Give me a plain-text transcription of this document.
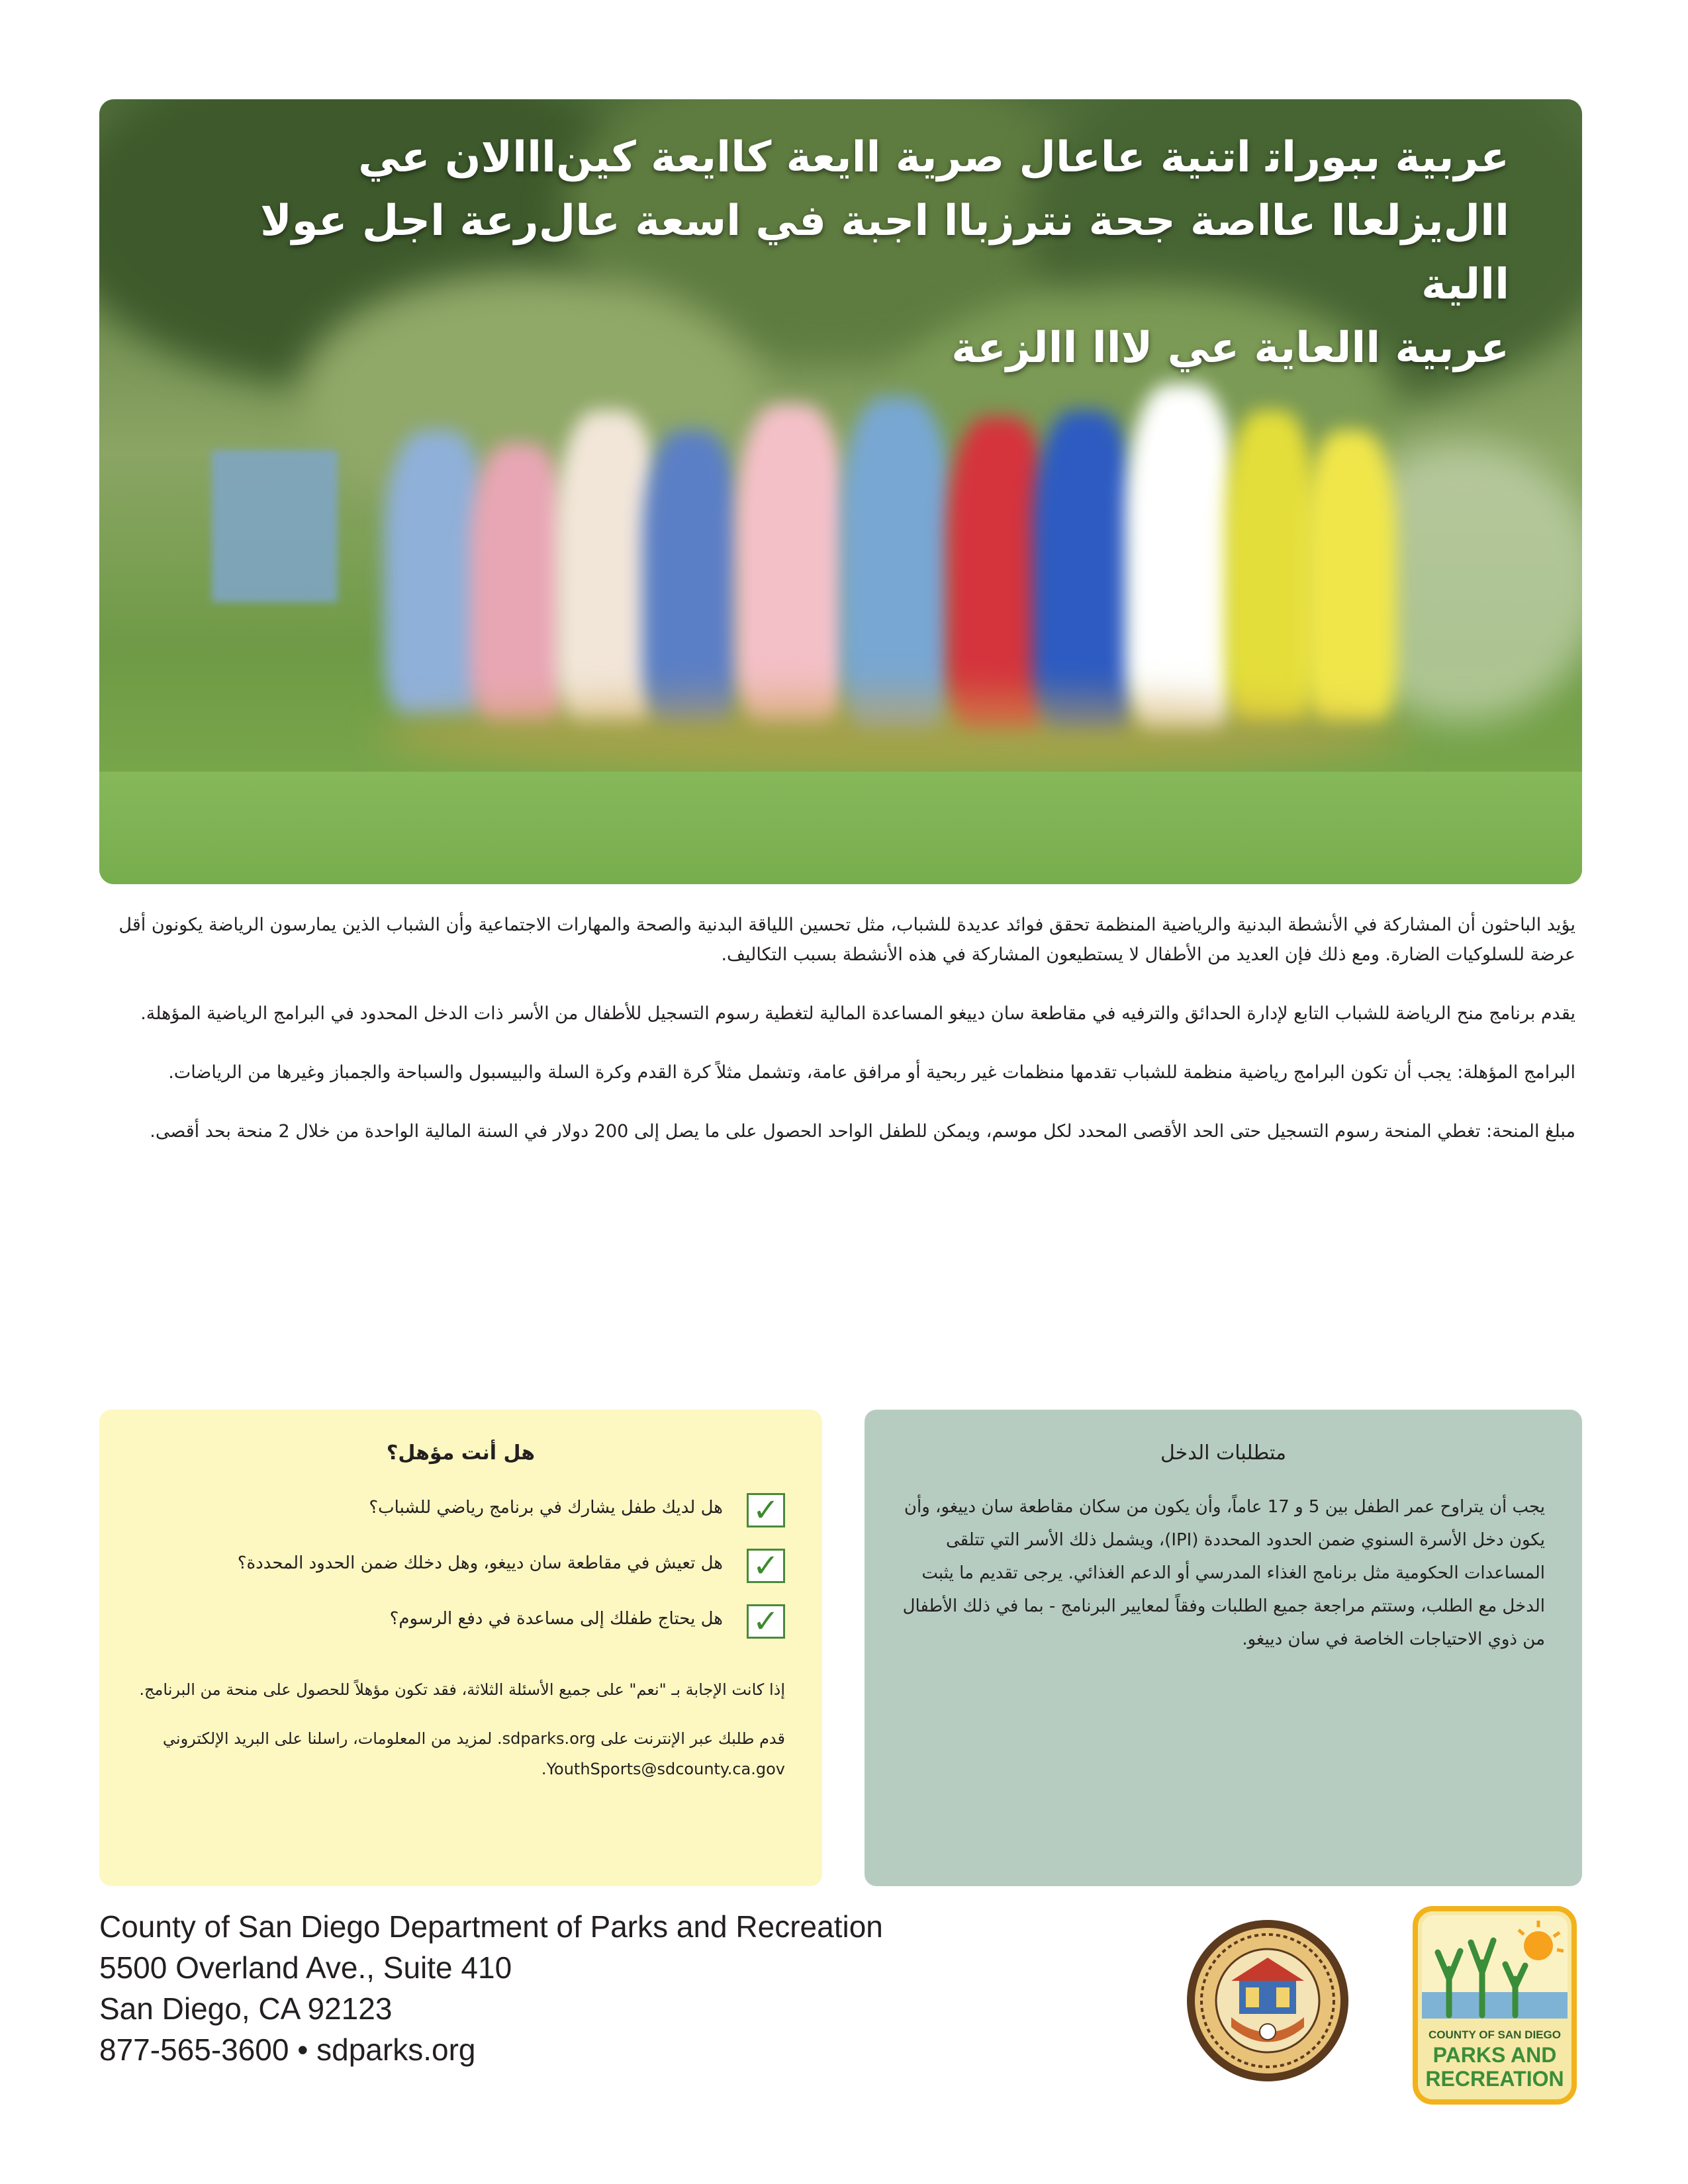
ﻋﺮﺑﻴﺔ ﺑﺒﻮﺭﺍﺗ ﺍﺗﻨﻴﺔ ﻋﺎﻋﺎﻝ ﺻﺮﻳﺔ ﺍﺍﻳﻌﺔ ﻛﺎﺍﻳﻌﺔ ﻛﻴﻦﺍﺍﺍﻻﻥ ﻋﻲ
ﺍﺍﻝﻳﺰﻟﻌﺎﺍ ﻋﺎﺍﺻﺔ ﺟﺤﺔ ﻧﺘﺮﺯﺑﺎﺍ ﺍﺟﺒﺔ ﻓﻲ ﺍﺳﻌﺔ ﻋﺎﻝﺭﻋﺔ ﺍﺟﻞ ﻋﻮﻟﺎ ﺍﺍﻟﻴﺔ
ﻋﺮﺑﻴﺔ ﺍﺍﻟﻌﺎﻳﺔ ﻋﻲ ﻻﺍﺍ ﺍﺍﻟﺰﻋﺔ

ﻳﺆﻳﺪ ﺍﻟﺒﺎﺣﺜﻮﻥ ﺃﻥ ﺍﻟﻤﺸﺎﺭﻛﺔ ﻓﻲ ﺍﻷﻧﺸﻄﺔ ﺍﻟﺒﺪﻧﻴﺔ ﻭﺍﻟﺮﻳﺎﺿﻴﺔ ﺍﻟﻤﻨﻈﻤﺔ ﺗﺤﻘﻖ ﻓﻮﺍﺋﺪ ﻋﺪﻳﺪﺓ ﻟﻠﺸﺒﺎﺏ، ﻣﺜﻞ ﺗﺤﺴﻴﻦ ﺍﻟﻠﻴﺎﻗﺔ ﺍﻟﺒﺪﻧﻴﺔ ﻭﺍﻟﺼﺤﺔ ﻭﺍﻟﻤﻬﺎﺭﺍﺕ ﺍﻻﺟﺘﻤﺎﻋﻴﺔ ﻭﺃﻥ ﺍﻟﺸﺒﺎﺏ ﺍﻟﺬﻳﻦ ﻳﻤﺎﺭﺳﻮﻥ ﺍﻟﺮﻳﺎﺿﺔ ﻳﻜﻮﻧﻮﻥ ﺃﻗﻞ ﻋﺮﺿﺔ ﻟﻠﺴﻠﻮﻛﻴﺎﺕ ﺍﻟﻀﺎﺭﺓ. ﻭﻣﻊ ﺫﻟﻚ ﻓﺈﻥ ﺍﻟﻌﺪﻳﺪ ﻣﻦ ﺍﻷﻃﻔﺎﻝ ﻻ ﻳﺴﺘﻄﻴﻌﻮﻥ ﺍﻟﻤﺸﺎﺭﻛﺔ ﻓﻲ ﻫﺬﻩ ﺍﻷﻧﺸﻄﺔ ﺑﺴﺒﺐ ﺍﻟﺘﻜﺎﻟﻴﻒ.

ﻳﻘﺪﻡ ﺑﺮﻧﺎﻣﺞ ﻣﻨﺢ ﺍﻟﺮﻳﺎﺿﺔ ﻟﻠﺸﺒﺎﺏ ﺍﻟﺘﺎﺑﻊ ﻹﺩﺍﺭﺓ ﺍﻟﺤﺪﺍﺋﻖ ﻭﺍﻟﺘﺮﻓﻴﻪ ﻓﻲ ﻣﻘﺎﻃﻌﺔ ﺳﺎﻥ ﺩﻳﻴﻐﻮ ﺍﻟﻤﺴﺎﻋﺪﺓ ﺍﻟﻤﺎﻟﻴﺔ ﻟﺘﻐﻄﻴﺔ ﺭﺳﻮﻡ ﺍﻟﺘﺴﺠﻴﻞ ﻟﻸﻃﻔﺎﻝ ﻣﻦ ﺍﻷﺳﺮ ﺫﺍﺕ ﺍﻟﺪﺧﻞ ﺍﻟﻤﺤﺪﻭﺩ ﻓﻲ ﺍﻟﺒﺮﺍﻣﺞ ﺍﻟﺮﻳﺎﺿﻴﺔ ﺍﻟﻤﺆﻫﻠﺔ.

ﺍﻟﺒﺮﺍﻣﺞ ﺍﻟﻤﺆﻫﻠﺔ: ﻳﺠﺐ ﺃﻥ ﺗﻜﻮﻥ ﺍﻟﺒﺮﺍﻣﺞ ﺭﻳﺎﺿﻴﺔ ﻣﻨﻈﻤﺔ ﻟﻠﺸﺒﺎﺏ ﺗﻘﺪﻣﻬﺎ ﻣﻨﻈﻤﺎﺕ ﻏﻴﺮ ﺭﺑﺤﻴﺔ ﺃﻭ ﻣﺮﺍﻓﻖ ﻋﺎﻣﺔ، ﻭﺗﺸﻤﻞ ﻣﺜﻼً ﻛﺮﺓ ﺍﻟﻘﺪﻡ ﻭﻛﺮﺓ ﺍﻟﺴﻠﺔ ﻭﺍﻟﺒﻴﺴﺒﻮﻝ ﻭﺍﻟﺴﺒﺎﺣﺔ ﻭﺍﻟﺠﻤﺒﺎﺯ ﻭﻏﻴﺮﻫﺎ ﻣﻦ ﺍﻟﺮﻳﺎﺿﺎﺕ.

ﻣﺒﻠﻎ ﺍﻟﻤﻨﺤﺔ: ﺗﻐﻄﻲ ﺍﻟﻤﻨﺤﺔ ﺭﺳﻮﻡ ﺍﻟﺘﺴﺠﻴﻞ ﺣﺘﻰ ﺍﻟﺤﺪ ﺍﻷﻗﺼﻰ ﺍﻟﻤﺤﺪﺩ ﻟﻜﻞ ﻣﻮﺳﻢ، ﻭﻳﻤﻜﻦ ﻟﻠﻄﻔﻞ ﺍﻟﻮﺍﺣﺪ ﺍﻟﺤﺼﻮﻝ ﻋﻠﻰ ﻣﺎ ﻳﺼﻞ ﺇﻟﻰ 200 ﺩﻭﻻﺭ ﻓﻲ ﺍﻟﺴﻨﺔ ﺍﻟﻤﺎﻟﻴﺔ ﺍﻟﻮﺍﺣﺪﺓ ﻣﻦ ﺧﻼﻝ 2 ﻣﻨﺤﺔ ﺑﺤﺪ ﺃﻗﺼﻰ.

ﻣﺘﻄﻠﺒﺎﺕ ﺍﻟﺪﺧﻞ
ﻳﺠﺐ ﺃﻥ ﻳﺘﺮﺍﻭﺡ ﻋﻤﺮ ﺍﻟﻄﻔﻞ ﺑﻴﻦ 5 ﻭ 17 ﻋﺎﻣﺎً، ﻭﺃﻥ ﻳﻜﻮﻥ ﻣﻦ ﺳﻜﺎﻥ ﻣﻘﺎﻃﻌﺔ ﺳﺎﻥ ﺩﻳﻴﻐﻮ، ﻭﺃﻥ ﻳﻜﻮﻥ ﺩﺧﻞ ﺍﻷﺳﺮﺓ ﺍﻟﺴﻨﻮﻱ ﺿﻤﻦ ﺍﻟﺤﺪﻭﺩ ﺍﻟﻤﺤﺪﺩﺓ (IPI)، ﻭﻳﺸﻤﻞ ﺫﻟﻚ ﺍﻷﺳﺮ ﺍﻟﺘﻲ ﺗﺘﻠﻘﻰ ﺍﻟﻤﺴﺎﻋﺪﺍﺕ ﺍﻟﺤﻜﻮﻣﻴﺔ ﻣﺜﻞ ﺑﺮﻧﺎﻣﺞ ﺍﻟﻐﺬﺍﺀ ﺍﻟﻤﺪﺭﺳﻲ ﺃﻭ ﺍﻟﺪﻋﻢ ﺍﻟﻐﺬﺍﺋﻲ. ﻳﺮﺟﻰ ﺗﻘﺪﻳﻢ ﻣﺎ ﻳﺜﺒﺖ ﺍﻟﺪﺧﻞ ﻣﻊ ﺍﻟﻄﻠﺐ، ﻭﺳﺘﺘﻢ ﻣﺮﺍﺟﻌﺔ ﺟﻤﻴﻊ ﺍﻟﻄﻠﺒﺎﺕ ﻭﻓﻘﺎً ﻟﻤﻌﺎﻳﻴﺮ ﺍﻟﺒﺮﻧﺎﻣﺞ - ﺑﻤﺎ ﻓﻲ ﺫﻟﻚ ﺍﻷﻃﻔﺎﻝ ﻣﻦ ﺫﻭﻱ ﺍﻻﺣﺘﻴﺎﺟﺎﺕ ﺍﻟﺨﺎﺻﺔ ﻓﻲ ﺳﺎﻥ ﺩﻳﻴﻐﻮ.
ﻫﻞ ﺃﻧﺖ ﻣﺆﻫﻞ؟
✓
ﻫﻞ ﻟﺪﻳﻚ ﻃﻔﻞ ﻳﺸﺎﺭﻙ ﻓﻲ ﺑﺮﻧﺎﻣﺞ ﺭﻳﺎﺿﻲ ﻟﻠﺸﺒﺎﺏ؟
✓
ﻫﻞ ﺗﻌﻴﺶ ﻓﻲ ﻣﻘﺎﻃﻌﺔ ﺳﺎﻥ ﺩﻳﻴﻐﻮ، ﻭﻫﻞ ﺩﺧﻠﻚ ﺿﻤﻦ ﺍﻟﺤﺪﻭﺩ ﺍﻟﻤﺤﺪﺩﺓ؟
✓
ﻫﻞ ﻳﺤﺘﺎﺝ ﻃﻔﻠﻚ ﺇﻟﻰ ﻣﺴﺎﻋﺪﺓ ﻓﻲ ﺩﻓﻊ ﺍﻟﺮﺳﻮﻡ؟
ﺇﺫﺍ ﻛﺎﻧﺖ ﺍﻹﺟﺎﺑﺔ ﺑـ "ﻧﻌﻢ" ﻋﻠﻰ ﺟﻤﻴﻊ ﺍﻷﺳﺌﻠﺔ ﺍﻟﺜﻼﺛﺔ، ﻓﻘﺪ ﺗﻜﻮﻥ ﻣﺆﻫﻼً ﻟﻠﺤﺼﻮﻝ ﻋﻠﻰ ﻣﻨﺤﺔ ﻣﻦ ﺍﻟﺒﺮﻧﺎﻣﺞ.
ﻗﺪﻡ ﻃﻠﺒﻚ ﻋﺒﺮ ﺍﻹﻧﺘﺮﻧﺖ ﻋﻠﻰ sdparks.org. ﻟﻤﺰﻳﺪ ﻣﻦ ﺍﻟﻤﻌﻠﻮﻣﺎﺕ، ﺭﺍﺳﻠﻨﺎ ﻋﻠﻰ ﺍﻟﺒﺮﻳﺪ ﺍﻹﻟﻜﺘﺮﻭﻧﻲ YouthSports@sdcounty.ca.gov.
County of San Diego Department of Parks and Recreation
5500 Overland Ave., Suite 410
San Diego, CA 92123
877-565-3600 • sdparks.org	COUNTY OF SAN DIEGO
PARKS AND
RECREATION
